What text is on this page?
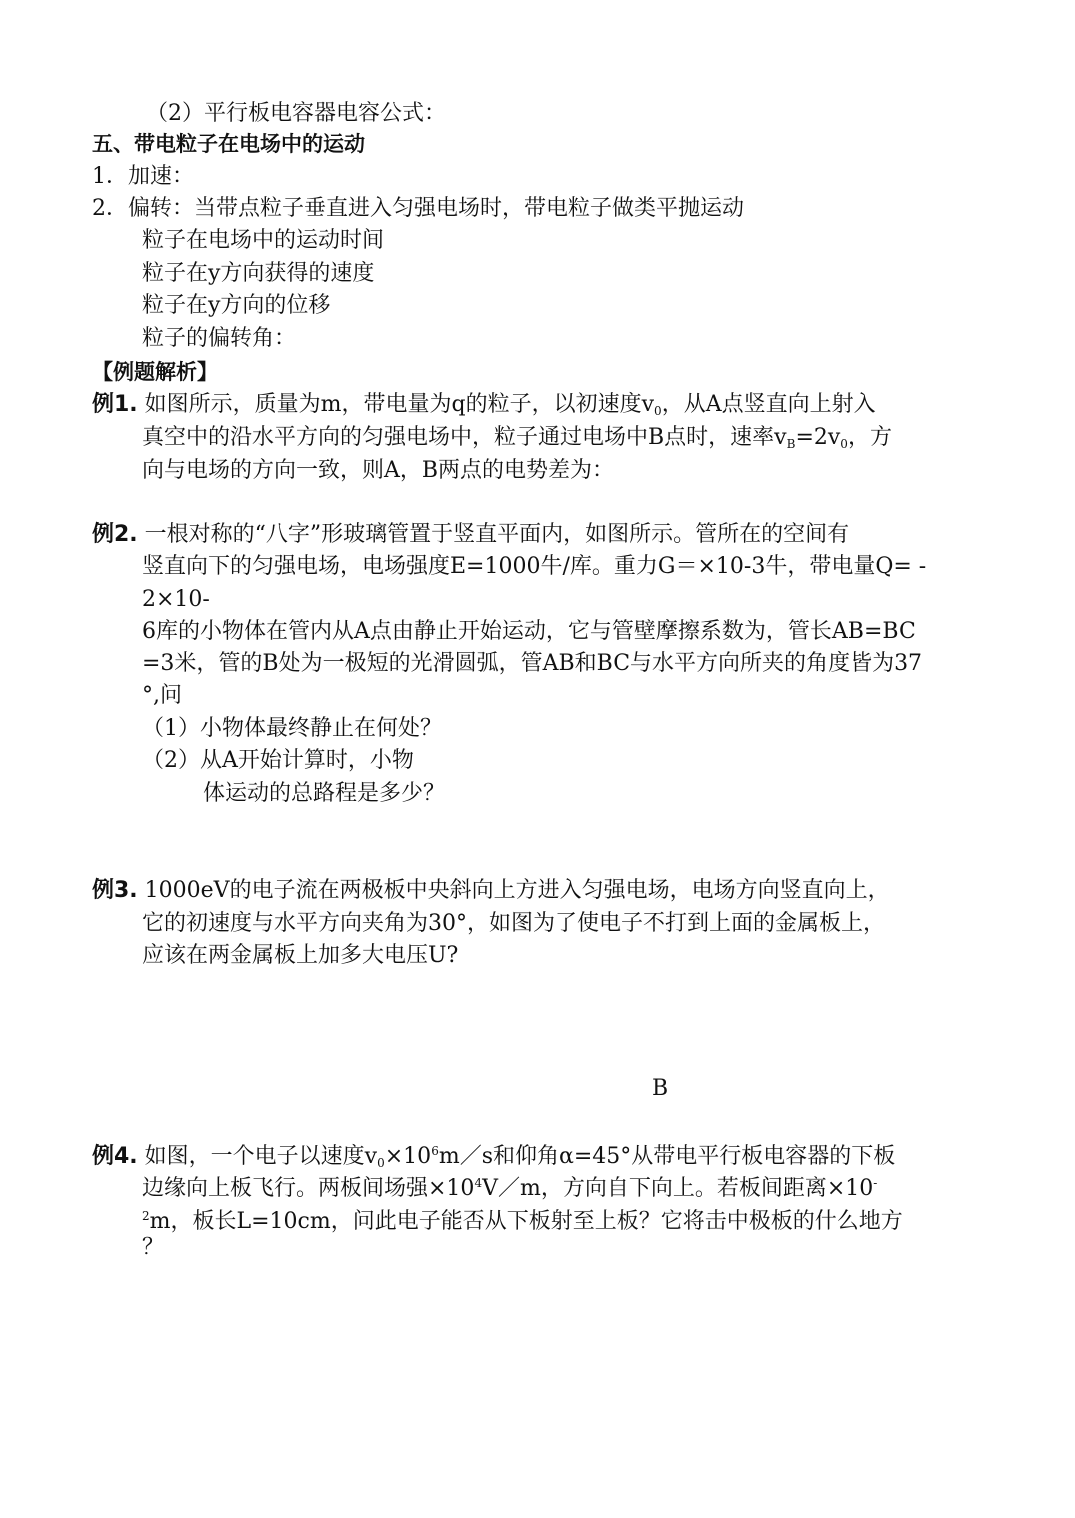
（2）平行板电容器电容公式：
五、带电粒子在电场中的运动
1．加速：
2．偏转：当带点粒子垂直进入匀强电场时，带电粒子做类平抛运动
粒子在电场中的运动时间
粒子在y方向获得的速度
粒子在y方向的位移
粒子的偏转角：
【例题解析】
例1. 如图所示，质量为m，带电量为q的粒子，以初速度$v_0$，从A点竖直向上射入
真空中的沿水平方向的匀强电场中，粒子通过电场中B点时，速率$v_B=2v_0$，方
向与电场的方向一致，则A，B两点的电势差为：
例2. 一根对称的“八字”形玻璃管置于竖直平面内，如图所示。管所在的空间有
竖直向下的匀强电场，电场强度E=1000牛/库。重力G＝×10-3牛，带电量Q= -
2×10-
6库的小物体在管内从A点由静止开始运动，它与管壁摩擦系数为，管长AB=BC
=3米，管的B处为一极短的光滑圆弧，管AB和BC与水平方向所夹的角度皆为37
°,问
（1）小物体最终静止在何处？
（2）从A开始计算时，小物
体运动的总路程是多少？
例3. 1000eV的电子流在两极板中央斜向上方进入匀强电场，电场方向竖直向上，
它的初速度与水平方向夹角为30°，如图为了使电子不打到上面的金属板上，
应该在两金属板上加多大电压U?
B
例4. 如图，一个电子以速度$v_0\times 10^6m/s$和仰角α=45°从带电平行板电容器的下板
边缘向上板飞行。两板间场强$\times 10^4V/m$，方向自下向上。若板间距离×10-
$^2$m，板长L=10cm，问此电子能否从下板射至上板？它将击中极板的什么地方
？
